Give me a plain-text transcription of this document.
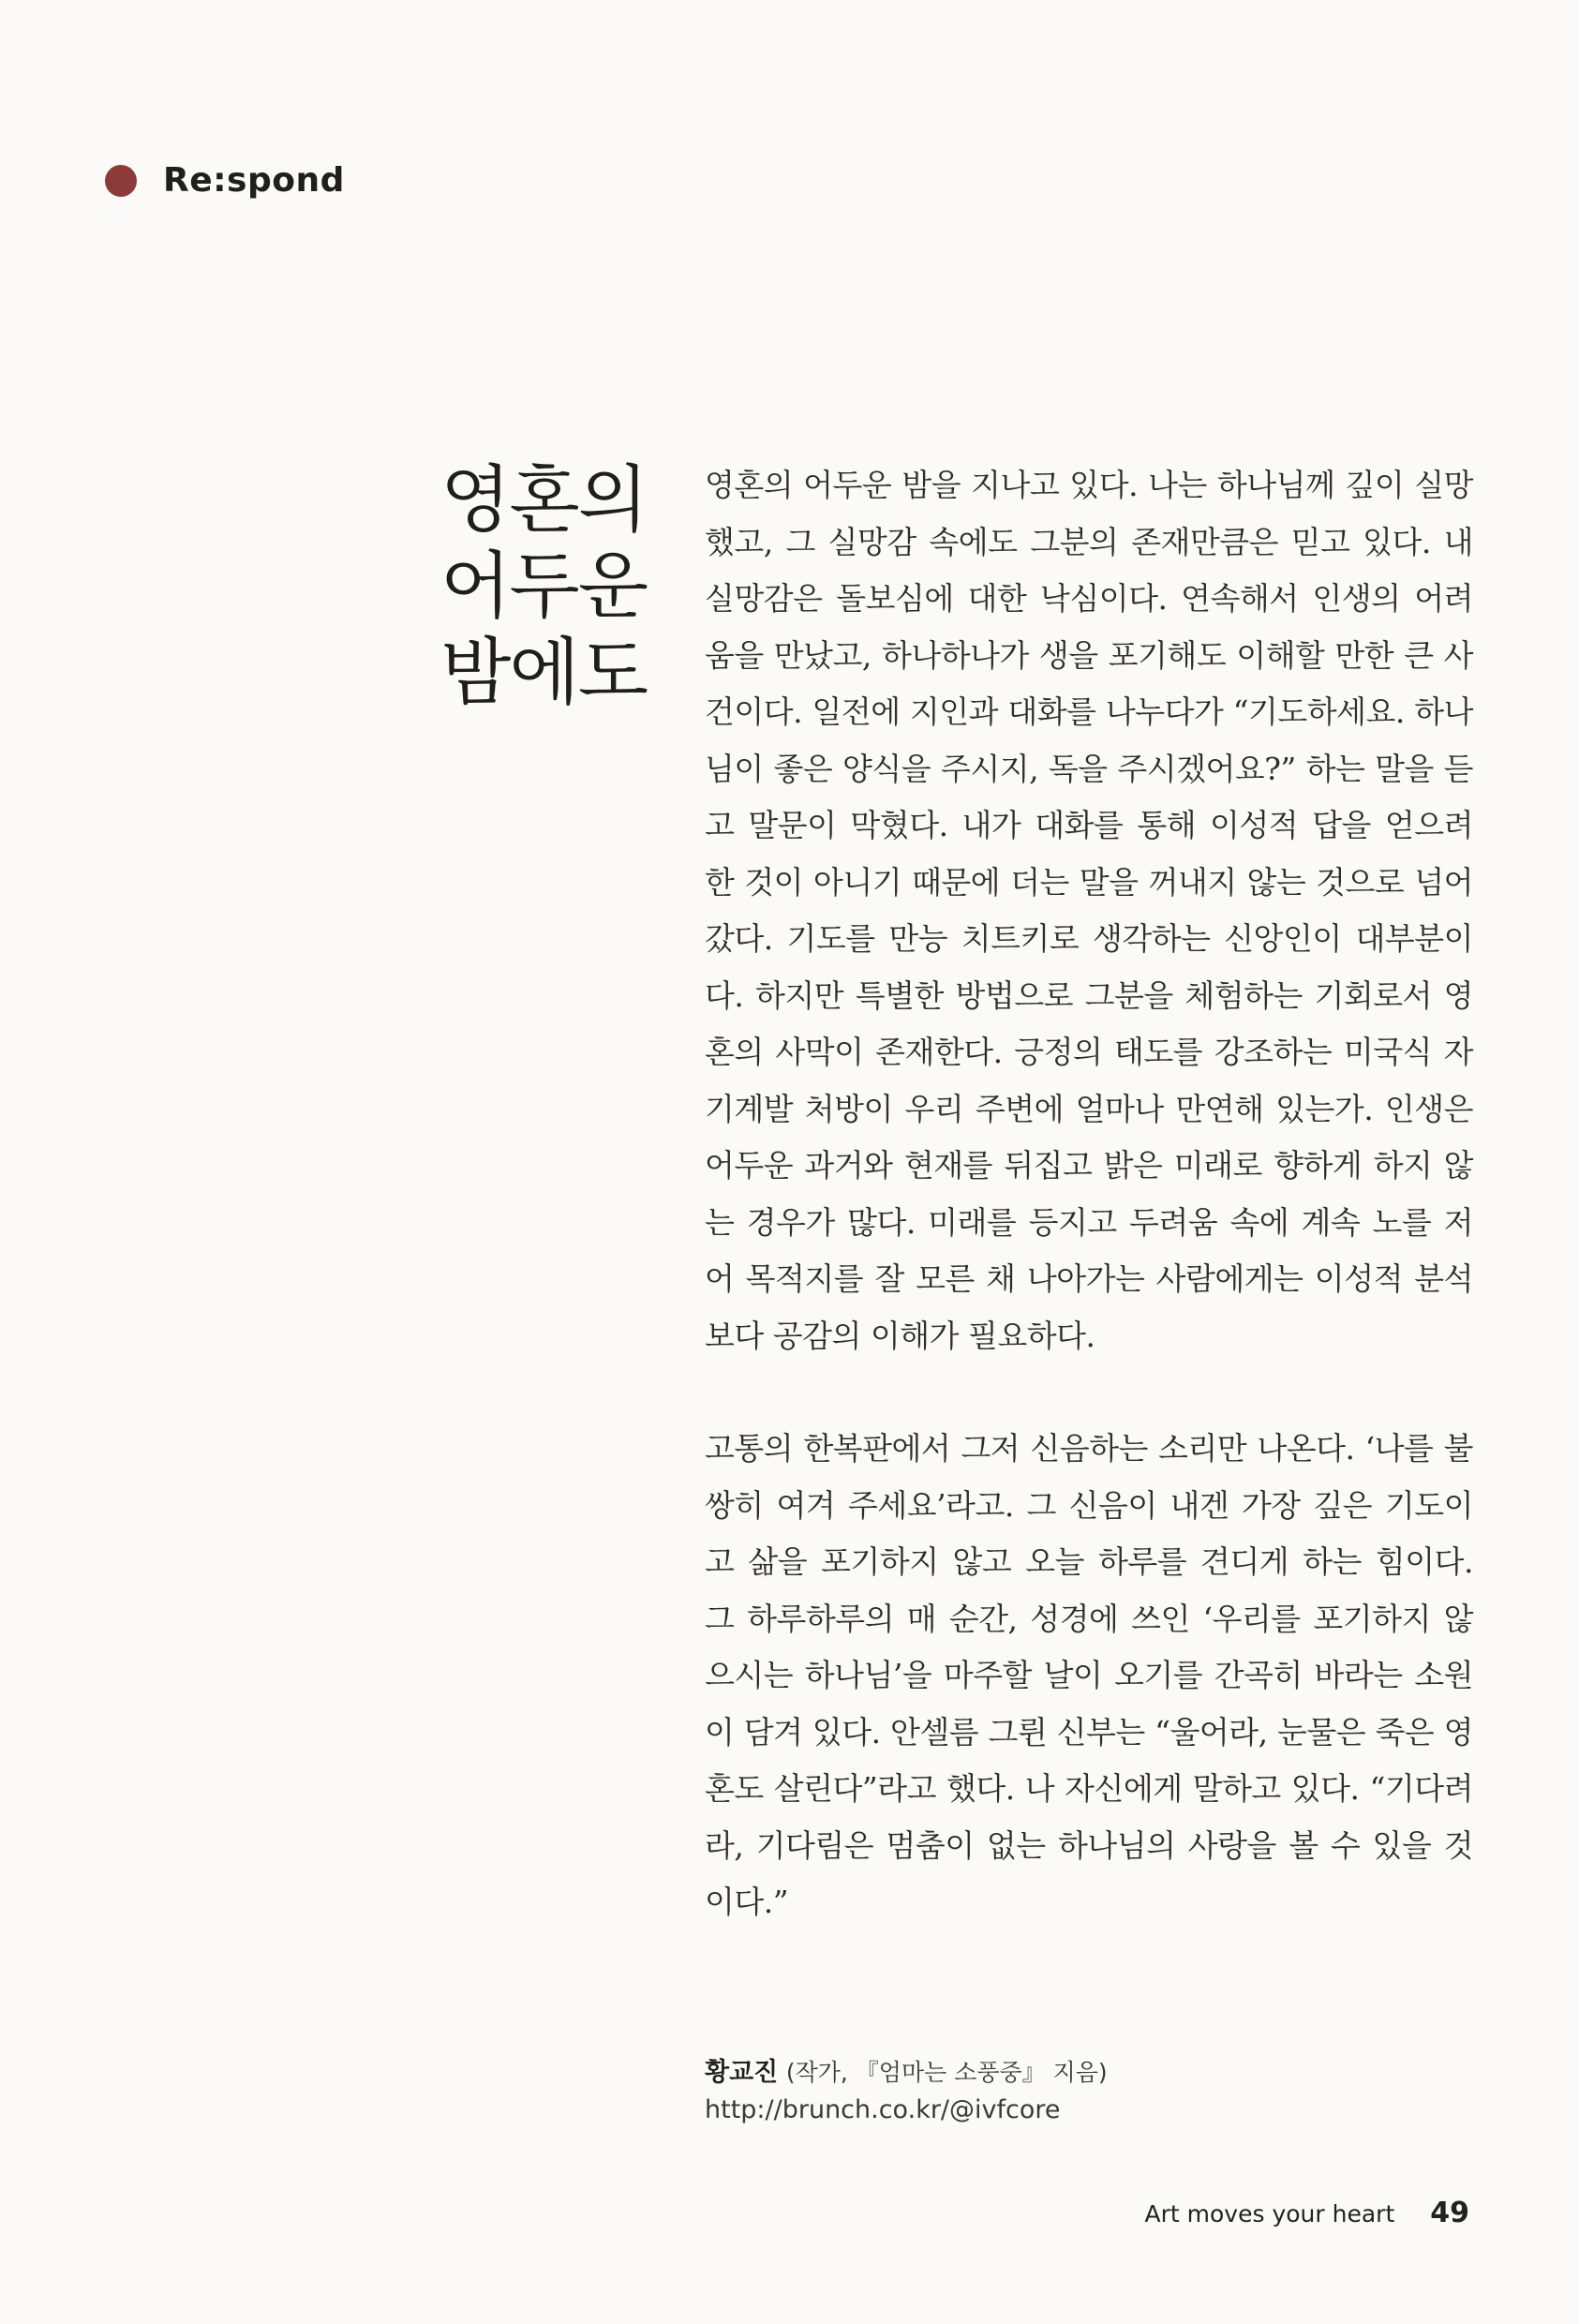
Re:spond
영혼의
어두운
밤에도

영혼의 어두운 밤을 지나고 있다. 나는 하나님께 깊이 실망했고, 그 실망감 속에도 그분의 존재만큼은 믿고 있다. 내 실망감은 돌보심에 대한 낙심이다. 연속해서 인생의 어려움을 만났고, 하나하나가 생을 포기해도 이해할 만한 큰 사건이다. 일전에 지인과 대화를 나누다가 “기도하세요. 하나님이 좋은 양식을 주시지, 독을 주시겠어요?” 하는 말을 듣고 말문이 막혔다. 내가 대화를 통해 이성적 답을 얻으려 한 것이 아니기 때문에 더는 말을 꺼내지 않는 것으로 넘어갔다. 기도를 만능 치트키로 생각하는 신앙인이 대부분이다. 하지만 특별한 방법으로 그분을 체험하는 기회로서 영혼의 사막이 존재한다. 긍정의 태도를 강조하는 미국식 자기계발 처방이 우리 주변에 얼마나 만연해 있는가. 인생은 어두운 과거와 현재를 뒤집고 밝은 미래로 향하게 하지 않는 경우가 많다. 미래를 등지고 두려움 속에 계속 노를 저어 목적지를 잘 모른 채 나아가는 사람에게는 이성적 분석보다 공감의 이해가 필요하다.

고통의 한복판에서 그저 신음하는 소리만 나온다. ‘나를 불쌍히 여겨 주세요’라고. 그 신음이 내겐 가장 깊은 기도이고 삶을 포기하지 않고 오늘 하루를 견디게 하는 힘이다. 그 하루하루의 매 순간, 성경에 쓰인 ‘우리를 포기하지 않으시는 하나님’을 마주할 날이 오기를 간곡히 바라는 소원이 담겨 있다. 안셀름 그륀 신부는 “울어라, 눈물은 죽은 영혼도 살린다”라고 했다. 나 자신에게 말하고 있다. “기다려라, 기다림은 멈춤이 없는 하나님의 사랑을 볼 수 있을 것이다.”

황교진 (작가, 『엄마는 소풍중』 지음)
http://brunch.co.kr/@ivfcore
Art moves your heart 49
